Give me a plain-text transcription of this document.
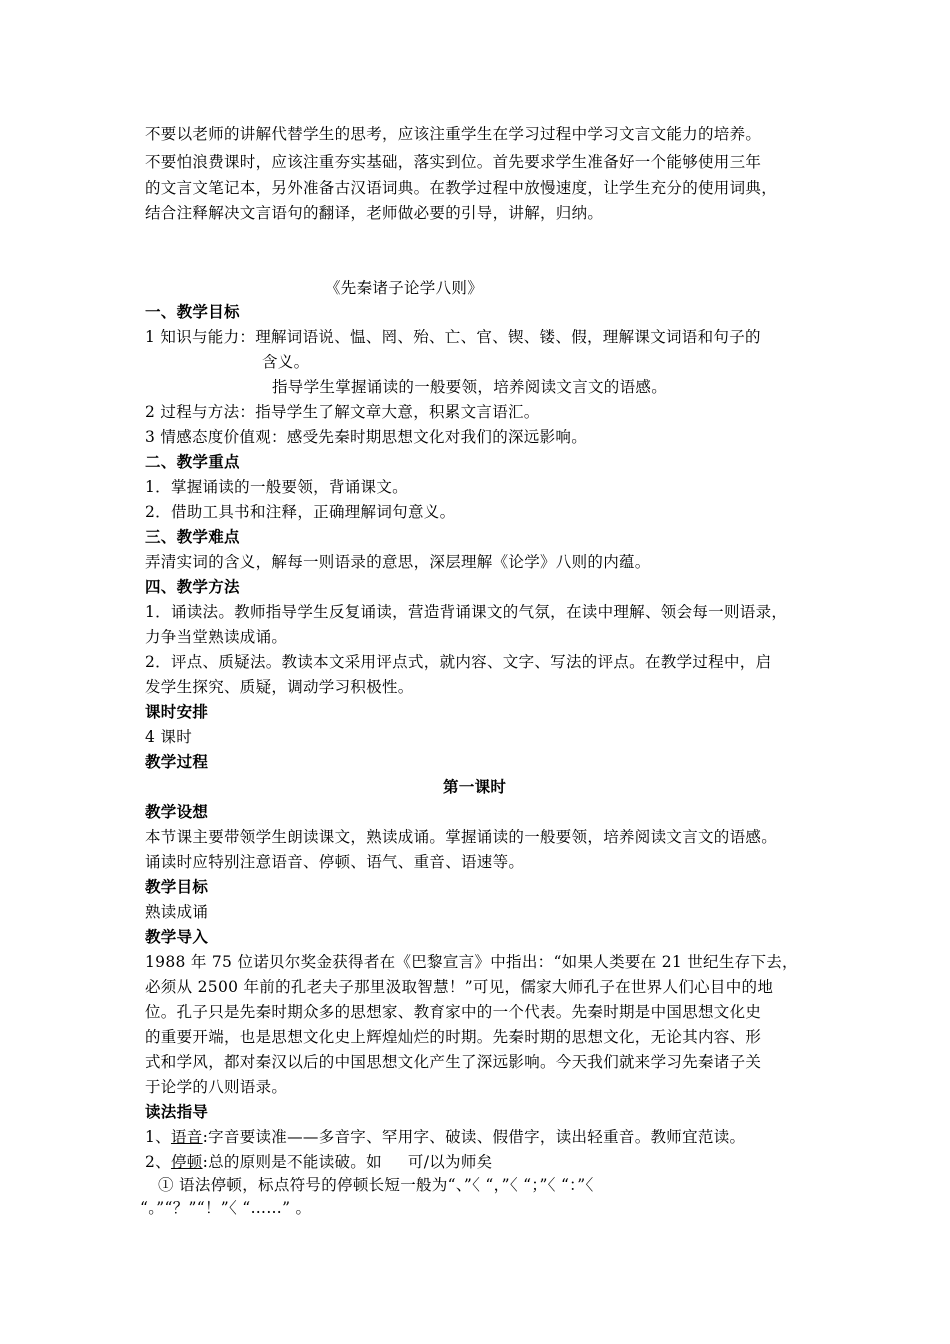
不要以老师的讲解代替学生的思考，应该注重学生在学习过程中学习文言文能力的培养。
不要怕浪费课时，应该注重夯实基础，落实到位。首先要求学生准备好一个能够使用三年
的文言文笔记本，另外准备古汉语词典。在教学过程中放慢速度，让学生充分的使用词典，
结合注释解决文言语句的翻译，老师做必要的引导，讲解，归纳。
《先秦诸子论学八则》
一、教学目标
1 知识与能力：理解词语说、愠、罔、殆、亡、官、锲、镂、假，理解课文词语和句子的
含义。
指导学生掌握诵读的一般要领，培养阅读文言文的语感。
2 过程与方法：指导学生了解文章大意，积累文言语汇。
3 情感态度价值观：感受先秦时期思想文化对我们的深远影响。
二、教学重点
1．掌握诵读的一般要领，背诵课文。
2．借助工具书和注释，正确理解词句意义。
三、教学难点
弄清实词的含义，解每一则语录的意思，深层理解《论学》八则的内蕴。
四、教学方法
1．诵读法。教师指导学生反复诵读，营造背诵课文的气氛，在读中理解、领会每一则语录，
力争当堂熟读成诵。
2．评点、质疑法。教读本文采用评点式，就内容、文字、写法的评点。在教学过程中，启
发学生探究、质疑，调动学习积极性。
课时安排
4 课时
教学过程
第一课时
教学设想
本节课主要带领学生朗读课文，熟读成诵。掌握诵读的一般要领，培养阅读文言文的语感。
诵读时应特别注意语音、停顿、语气、重音、语速等。
教学目标
熟读成诵
教学导入
1988 年 75 位诺贝尔奖金获得者在《巴黎宣言》中指出：“如果人类要在 21 世纪生存下去，
必须从 2500 年前的孔老夫子那里汲取智慧！”可见，儒家大师孔子在世界人们心目中的地
位。孔子只是先秦时期众多的思想家、教育家中的一个代表。先秦时期是中国思想文化史
的重要开端，也是思想文化史上辉煌灿烂的时期。先秦时期的思想文化，无论其内容、形
式和学风，都对秦汉以后的中国思想文化产生了深远影响。今天我们就来学习先秦诸子关
于论学的八则语录。
读法指导
1、语音:字音要读准——多音字、罕用字、破读、假借字，读出轻重音。教师宜范读。
2、停顿:总的原则是不能读破。如 可/以为师矣
① 语法停顿，标点符号的停顿长短一般为“、”〈 “，”〈 “；”〈 “：”〈
“。”“？”“！”〈 “……” 。
